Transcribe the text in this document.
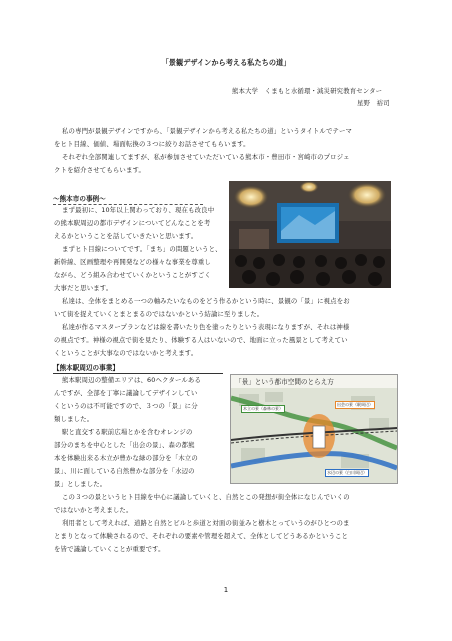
「景観デザインから考える私たちの道」
熊本大学　くまもと水循環・減災研究教育センター
星野　裕司
私の専門が景観デザインですから、「景観デザインから考える私たちの道」というタイトルでテーマ
をヒト目線、価値、場面転換の３つに絞りお話させてもらいます。
それぞれ全部関連してますが、私が参加させていただいている熊本市・豊田市・宮崎市のプロジェ
クトを紹介させてもらいます。
～熊本市の事例～
まず最初に、10年以上関わっており、現在も改良中
の熊本駅周辺の都市デザインについてどんなことを考
えるかということを話していきたいと思います。
まずヒト目線についてです。「まち」の問題というと、
新幹線、区画整理や再開発などの様々な事業を尊重し
ながら、どう組み合わせていくかということがすごく
大事だと思います。
私達は、全体をまとめる一つの軸みたいなものをどう作るかという時に、景観の「景」に視点をお
いて街を捉えていくとまとまるのではないかという結論に至りました。
私達が作るマスタープランなどは線を書いたり色を塗ったりという表現になりますが、それは神様
の視点です。神様の視点で街を見たり、体験する人はいないので、地面に立った風景として考えてい
くということが大事なのではないかと考えます。
【熊本駅周辺の事業】
「景」という都市空間のとらえ方
木立の景（森林の景）
出会の景（駅周辺）
水辺の景（白川周辺）
熊本駅周辺の整備エリアは、60ヘクタールある
んですが、全部を丁寧に議論してデザインしてい
くというのは不可能ですので、３つの「景」に分
類しました。
駅と直交する駅前広場とかを含むオレンジの
部分のまちを中心とした「出会の景」、森の都熊
本を体験出来る木立が豊かな緑の部分を「木立の
景」、川に面している自然豊かな部分を「水辺の
景」としました。
この３つの景というヒト目線を中心に議論していくと、自然とこの発想が街全体になじんでいくの
ではないかと考えました。
利用者として考えれば、道路と自然とビルと歩道と対面の街並みと樹木とっていうのがひとつのま
とまりとなって体験されるので、それぞれの要素や管理を超えて、全体としてどうあるかということ
を皆で議論していくことが重要です。
1
